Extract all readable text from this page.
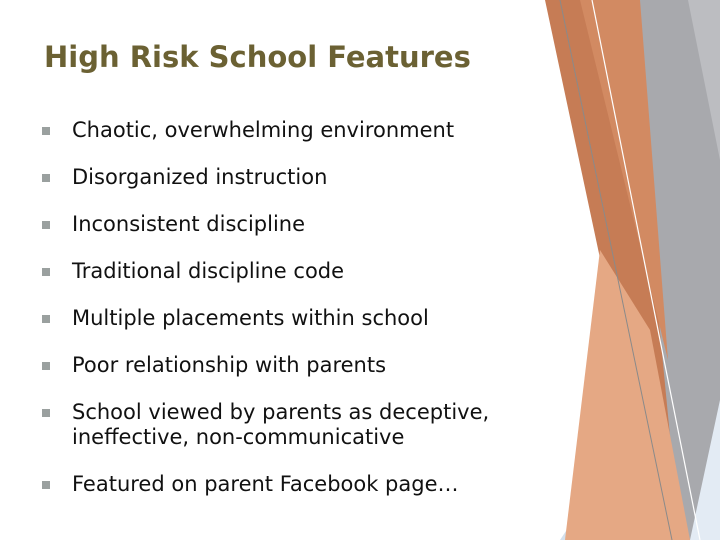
High Risk School Features
Chaotic, overwhelming environment
Disorganized instruction
Inconsistent discipline
Traditional discipline code
Multiple placements within school
Poor relationship with parents
School viewed by parents as deceptive, ineffective, non-communicative
Featured on parent Facebook page…
